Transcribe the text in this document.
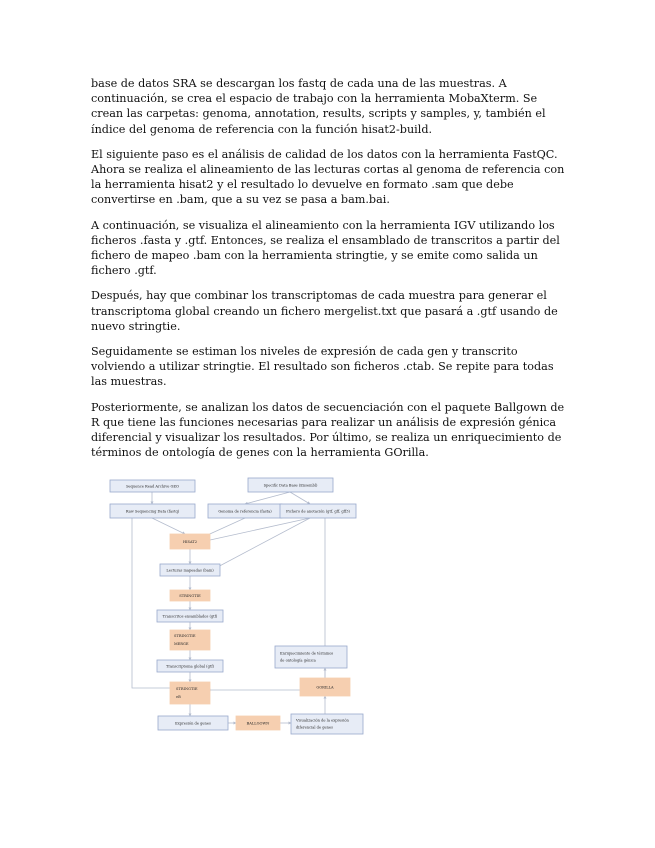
base de datos SRA se descargan los fastq de cada una de las muestras. A continuación, se crea el espacio de trabajo con la herramienta MobaXterm. Se crean las carpetas: genoma, annotation, results, scripts y samples, y, también el índice del genoma de referencia con la función hisat2-build.

El siguiente paso es el análisis de calidad de los datos con la herramienta FastQC. Ahora se realiza el alineamiento de las lecturas cortas al genoma de referencia con la herramienta hisat2 y el resultado lo devuelve en formato .sam que debe convertirse en .bam, que a su vez se pasa a bam.bai.

A continuación, se visualiza el alineamiento con la herramienta IGV utilizando los ficheros .fasta y .gtf. Entonces, se realiza el ensamblado de transcritos a partir del fichero de mapeo .bam con la herramienta stringtie, y se emite como salida un fichero .gtf.

Después, hay que combinar los transcriptomas de cada muestra para generar el transcriptoma global creando un fichero mergelist.txt que pasará a .gtf usando de nuevo stringtie.

Seguidamente se estiman los niveles de expresión de cada gen y transcrito volviendo a utilizar stringtie. El resultado son ficheros .ctab. Se repite para todas las muestras.

Posteriormente, se analizan los datos de secuenciación con el paquete Ballgown de R que tiene las funciones necesarias para realizar un análisis de expresión génica diferencial y visualizar los resultados. Por último, se realiza un enriquecimiento de términos de ontología de genes con la herramienta GOrilla.

Sequence Read Archive GEO	Specific Data Base (Ensembl)
Raw Sequencing Data (fastq)	Genoma de referencia (fasta)	Fichero de anotación (gtf, gff, gff3)
HISAT2
Lecturas mapeadas (bam)
STRINGTIE
Transcritos ensamblados (gtf)
STRINGTIE
MERGE
Transcriptoma global (gtf)
STRINGTIE
eB
Expresión de genes	BALLGOWN
Visualización de la expresión
diferencial de genes
GORILLA
Enriquecimiento de términos
de ontología génica
